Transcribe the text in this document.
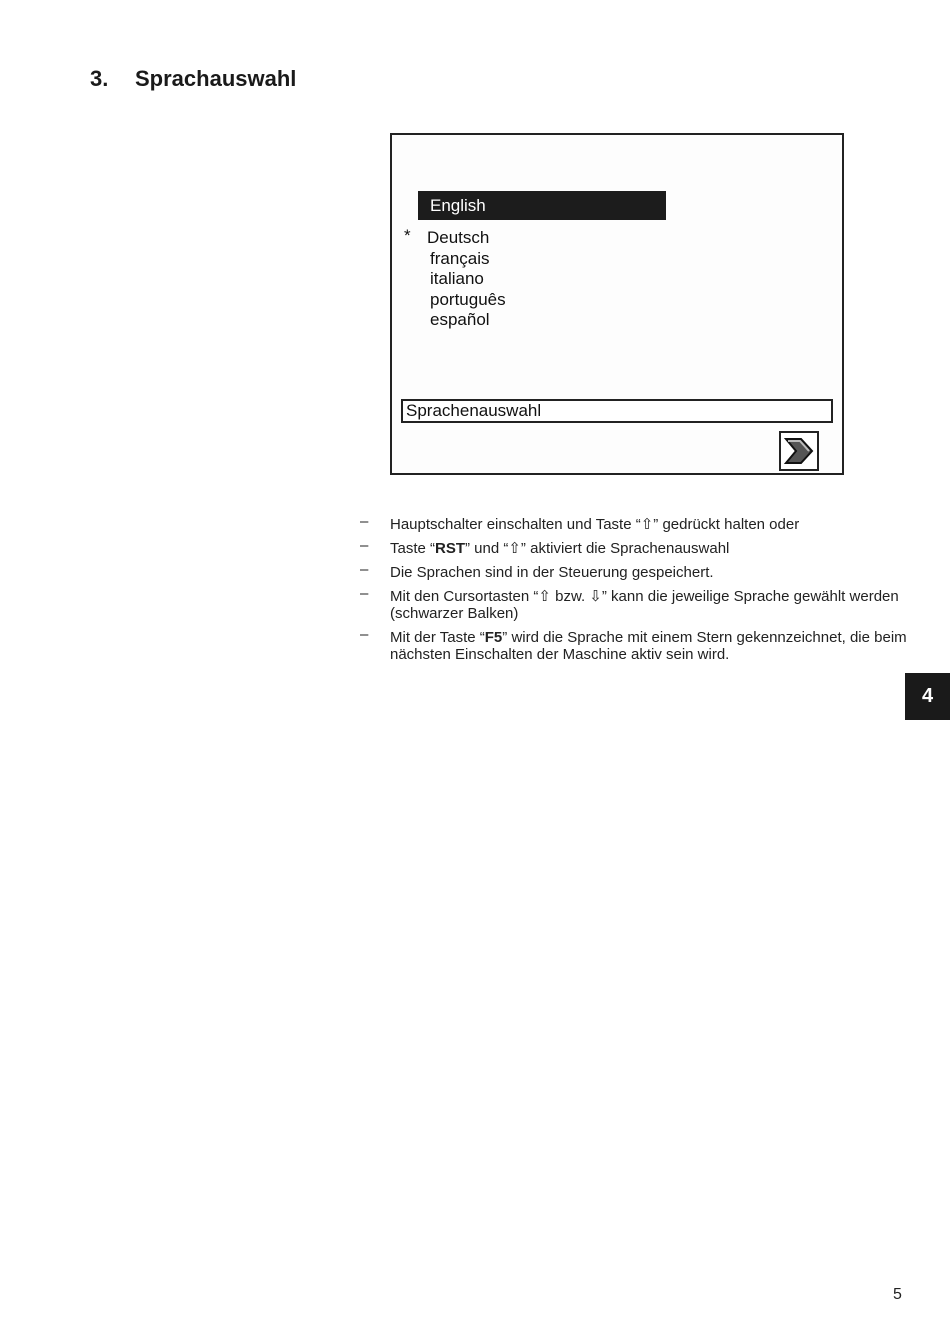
3. Sprachauswahl
English
* Deutsch
français
italiano
português
español
Sprachenauswahl
– Hauptschalter einschalten und Taste “⇧” gedrückt halten oder
– Taste “RST” und “⇧” aktiviert die Sprachenauswahl
– Die Sprachen sind in der Steuerung gespeichert.
– Mit den Cursortasten “⇧ bzw. ⇩” kann die jeweilige Sprache gewählt werden (schwarzer Balken)
– Mit der Taste “F5” wird die Sprache mit einem Stern gekennzeichnet, die beim nächsten Einschalten der Maschine aktiv sein wird.
4
5
